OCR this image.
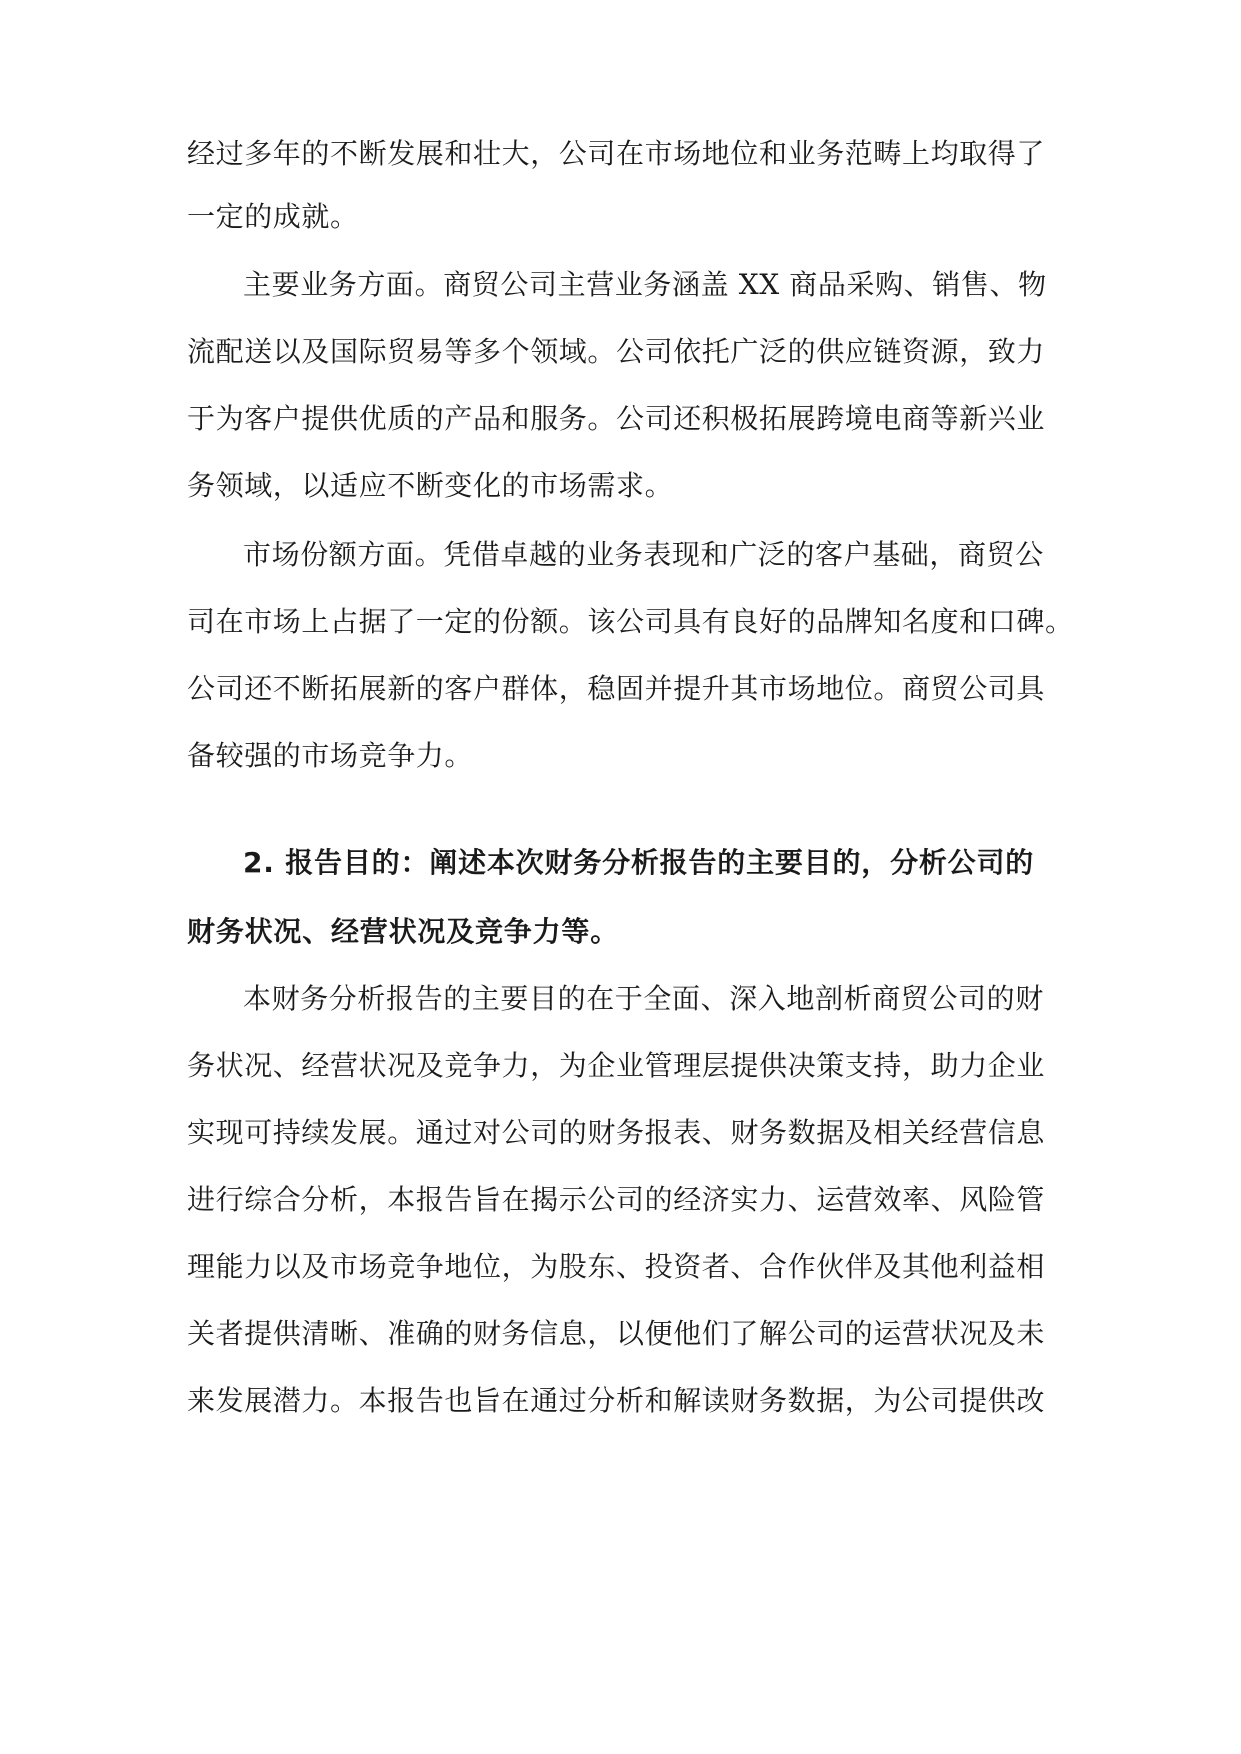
经过多年的不断发展和壮大，公司在市场地位和业务范畴上均取得了
一定的成就。
主要业务方面。商贸公司主营业务涵盖 XX 商品采购、销售、物
流配送以及国际贸易等多个领域。公司依托广泛的供应链资源，致力
于为客户提供优质的产品和服务。公司还积极拓展跨境电商等新兴业
务领域，以适应不断变化的市场需求。
市场份额方面。凭借卓越的业务表现和广泛的客户基础，商贸公
司在市场上占据了一定的份额。该公司具有良好的品牌知名度和口碑。
公司还不断拓展新的客户群体，稳固并提升其市场地位。商贸公司具
备较强的市场竞争力。
2. 报告目的：阐述本次财务分析报告的主要目的，分析公司的
财务状况、经营状况及竞争力等。
本财务分析报告的主要目的在于全面、深入地剖析商贸公司的财
务状况、经营状况及竞争力，为企业管理层提供决策支持，助力企业
实现可持续发展。通过对公司的财务报表、财务数据及相关经营信息
进行综合分析，本报告旨在揭示公司的经济实力、运营效率、风险管
理能力以及市场竞争地位，为股东、投资者、合作伙伴及其他利益相
关者提供清晰、准确的财务信息，以便他们了解公司的运营状况及未
来发展潜力。本报告也旨在通过分析和解读财务数据，为公司提供改
